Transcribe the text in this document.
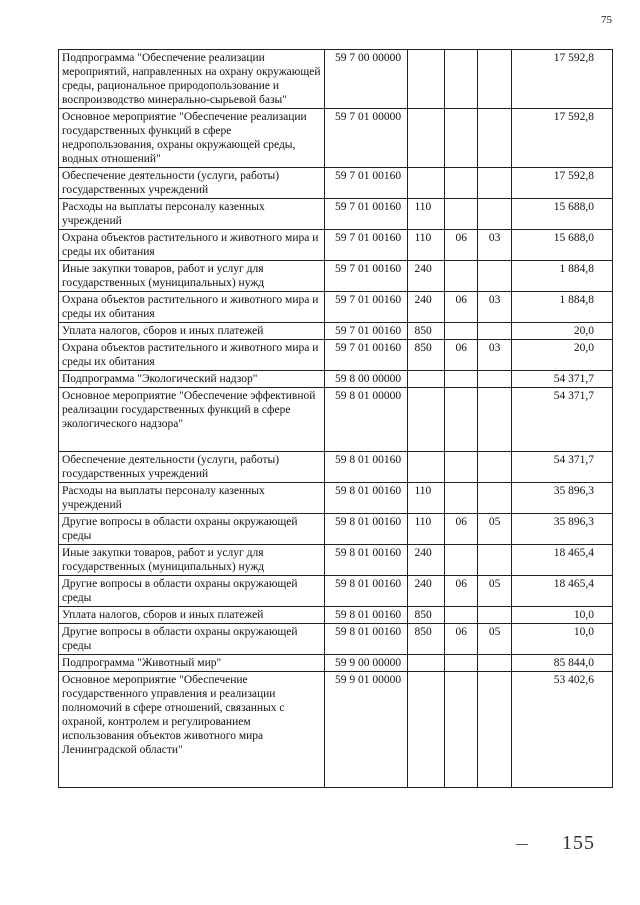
75
Подпрограмма "Обеспечение реализации мероприятий, направленных на охрану окружающей среды, рациональное природопользование и воспроизводство минерально-сырьевой базы"	59 7 00 00000				17 592,8
Основное мероприятие "Обеспечение реализации государственных функций в сфере недропользования, охраны окружающей среды, водных отношений"	59 7 01 00000				17 592,8
Обеспечение деятельности (услуги, работы) государственных учреждений	59 7 01 00160				17 592,8
Расходы на выплаты персоналу казенных учреждений	59 7 01 00160	110			15 688,0
Охрана объектов растительного и животного мира и среды их обитания	59 7 01 00160	110	06	03	15 688,0
Иные закупки товаров, работ и услуг для государственных (муниципальных) нужд	59 7 01 00160	240			1 884,8
Охрана объектов растительного и животного мира и среды их обитания	59 7 01 00160	240	06	03	1 884,8
Уплата налогов, сборов и иных платежей	59 7 01 00160	850			20,0
Охрана объектов растительного и животного мира и среды их обитания	59 7 01 00160	850	06	03	20,0
Подпрограмма "Экологический надзор"	59 8 00 00000				54 371,7
Основное мероприятие "Обеспечение эффективной реализации государственных функций в сфере экологического надзора"	59 8 01 00000				54 371,7
Обеспечение деятельности (услуги, работы) государственных учреждений	59 8 01 00160				54 371,7
Расходы на выплаты персоналу казенных учреждений	59 8 01 00160	110			35 896,3
Другие вопросы в области охраны окружающей среды	59 8 01 00160	110	06	05	35 896,3
Иные закупки товаров, работ и услуг для государственных (муниципальных) нужд	59 8 01 00160	240			18 465,4
Другие вопросы в области охраны окружающей среды	59 8 01 00160	240	06	05	18 465,4
Уплата налогов, сборов и иных платежей	59 8 01 00160	850			10,0
Другие вопросы в области охраны окружающей среды	59 8 01 00160	850	06	05	10,0
Подпрограмма "Животный мир"	59 9 00 00000				85 844,0
Основное мероприятие "Обеспечение государственного управления и реализации полномочий в сфере отношений, связанных с охраной, контролем и регулированием использования объектов животного мира Ленинградской области"	59 9 01 00000				53 402,6
155
